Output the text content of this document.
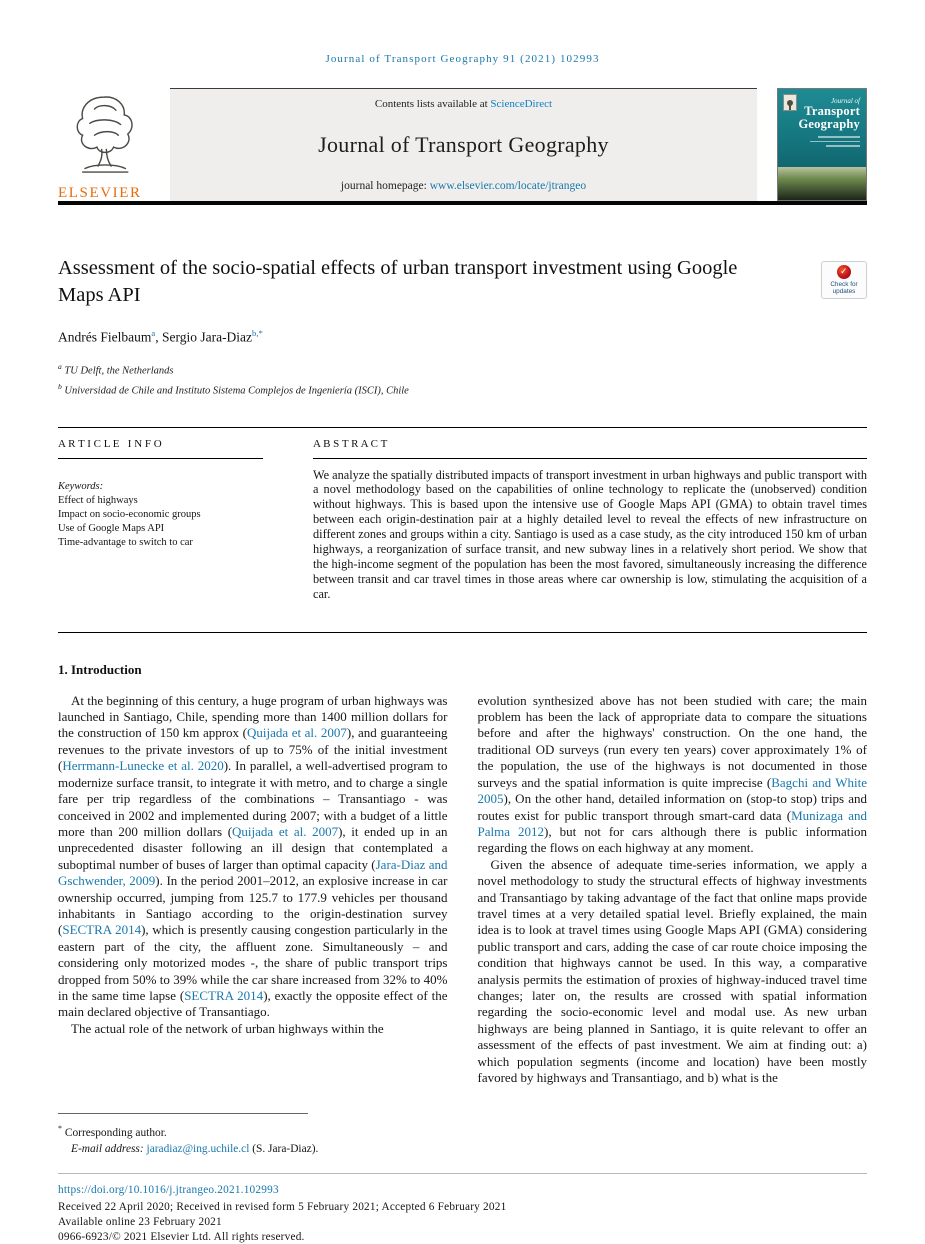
Journal of Transport Geography 91 (2021) 102993
ELSEVIER
Contents lists available at ScienceDirect
Journal of Transport Geography
journal homepage: www.elsevier.com/locate/jtrangeo
Journal of
Transport
Geography
Assessment of the socio-spatial effects of urban transport investment using Google Maps API
✓	Check for updates
Andrés Fielbaum$^a$, Sergio Jara-Diaz$^{b,*}$
$^a$ TU Delft, the Netherlands
$^b$ Universidad de Chile and Instituto Sistema Complejos de Ingeniería (ISCI), Chile
A R T I C L E   I N F O
Keywords:
Effect of highways
Impact on socio-economic groups
Use of Google Maps API
Time-advantage to switch to car
A B S T R A C T

We analyze the spatially distributed impacts of transport investment in urban highways and public transport with a novel methodology based on the capabilities of online technology to replicate the (unobserved) condition without highways. This is based upon the intensive use of Google Maps API (GMA) to obtain travel times between each origin-destination pair at a highly detailed level to reveal the effects of new infrastructure on different zones and groups within a city. Santiago is used as a case study, as the city introduced 150 km of urban highways, a reorganization of surface transit, and new subway lines in a relatively short period. We show that the high-income segment of the population has been the most favored, simultaneously increasing the difference between transit and car travel times in those areas where car ownership is low, stimulating the acquisition of a car.

1. Introduction

At the beginning of this century, a huge program of urban highways was launched in Santiago, Chile, spending more than 1400 million dollars for the construction of 150 km approx (Quijada et al. 2007), and guaranteeing revenues to the private investors of up to 75% of the initial investment (Herrmann-Lunecke et al. 2020). In parallel, a well-advertised program to modernize surface transit, to integrate it with metro, and to charge a single fare per trip regardless of the combinations – Transantiago - was conceived in 2002 and implemented during 2007; with a budget of a little more than 200 million dollars (Quijada et al. 2007), it ended up in an unprecedented disaster following an ill design that contemplated a suboptimal number of buses of larger than optimal capacity (Jara-Diaz and Gschwender, 2009). In the period 2001–2012, an explosive increase in car ownership occurred, jumping from 125.7 to 177.9 vehicles per thousand inhabitants in Santiago according to the origin-destination survey (SECTRA 2014), which is presently causing congestion particularly in the eastern part of the city, the affluent zone. Simultaneously – and considering only motorized modes -, the share of public transport trips dropped from 50% to 39% while the car share increased from 32% to 40% in the same time lapse (SECTRA 2014), exactly the opposite effect of the main declared objective of Transantiago.

The actual role of the network of urban highways within the

evolution synthesized above has not been studied with care; the main problem has been the lack of appropriate data to compare the situations before and after the highways' construction. On the one hand, the traditional OD surveys (run every ten years) cover approximately 1% of the population, the use of the highways is not documented in those surveys and the spatial information is quite imprecise (Bagchi and White 2005), On the other hand, detailed information on (stop-to stop) trips and routes exist for public transport through smart-card data (Munizaga and Palma 2012), but not for cars although there is public information regarding the flows on each highway at any moment.

Given the absence of adequate time-series information, we apply a novel methodology to study the structural effects of highway investments and Transantiago by taking advantage of the fact that online maps provide travel times at a very detailed spatial level. Briefly explained, the main idea is to look at travel times using Google Maps API (GMA) considering public transport and cars, adding the case of car route choice imposing the condition that highways cannot be used. In this way, a comparative analysis permits the estimation of proxies of highway-induced travel time changes; later on, the results are crossed with spatial information regarding the socio-economic level and modal use. As new urban highways are being planned in Santiago, it is quite relevant to offer an assessment of the effects of past investment. We aim at finding out: a) which population segments (income and location) have been mostly favored by highways and Transantiago, and b) what is the

* Corresponding author.
E-mail address: jaradiaz@ing.uchile.cl (S. Jara-Diaz).
https://doi.org/10.1016/j.jtrangeo.2021.102993
Received 22 April 2020; Received in revised form 5 February 2021; Accepted 6 February 2021
Available online 23 February 2021
0966-6923/© 2021 Elsevier Ltd. All rights reserved.
